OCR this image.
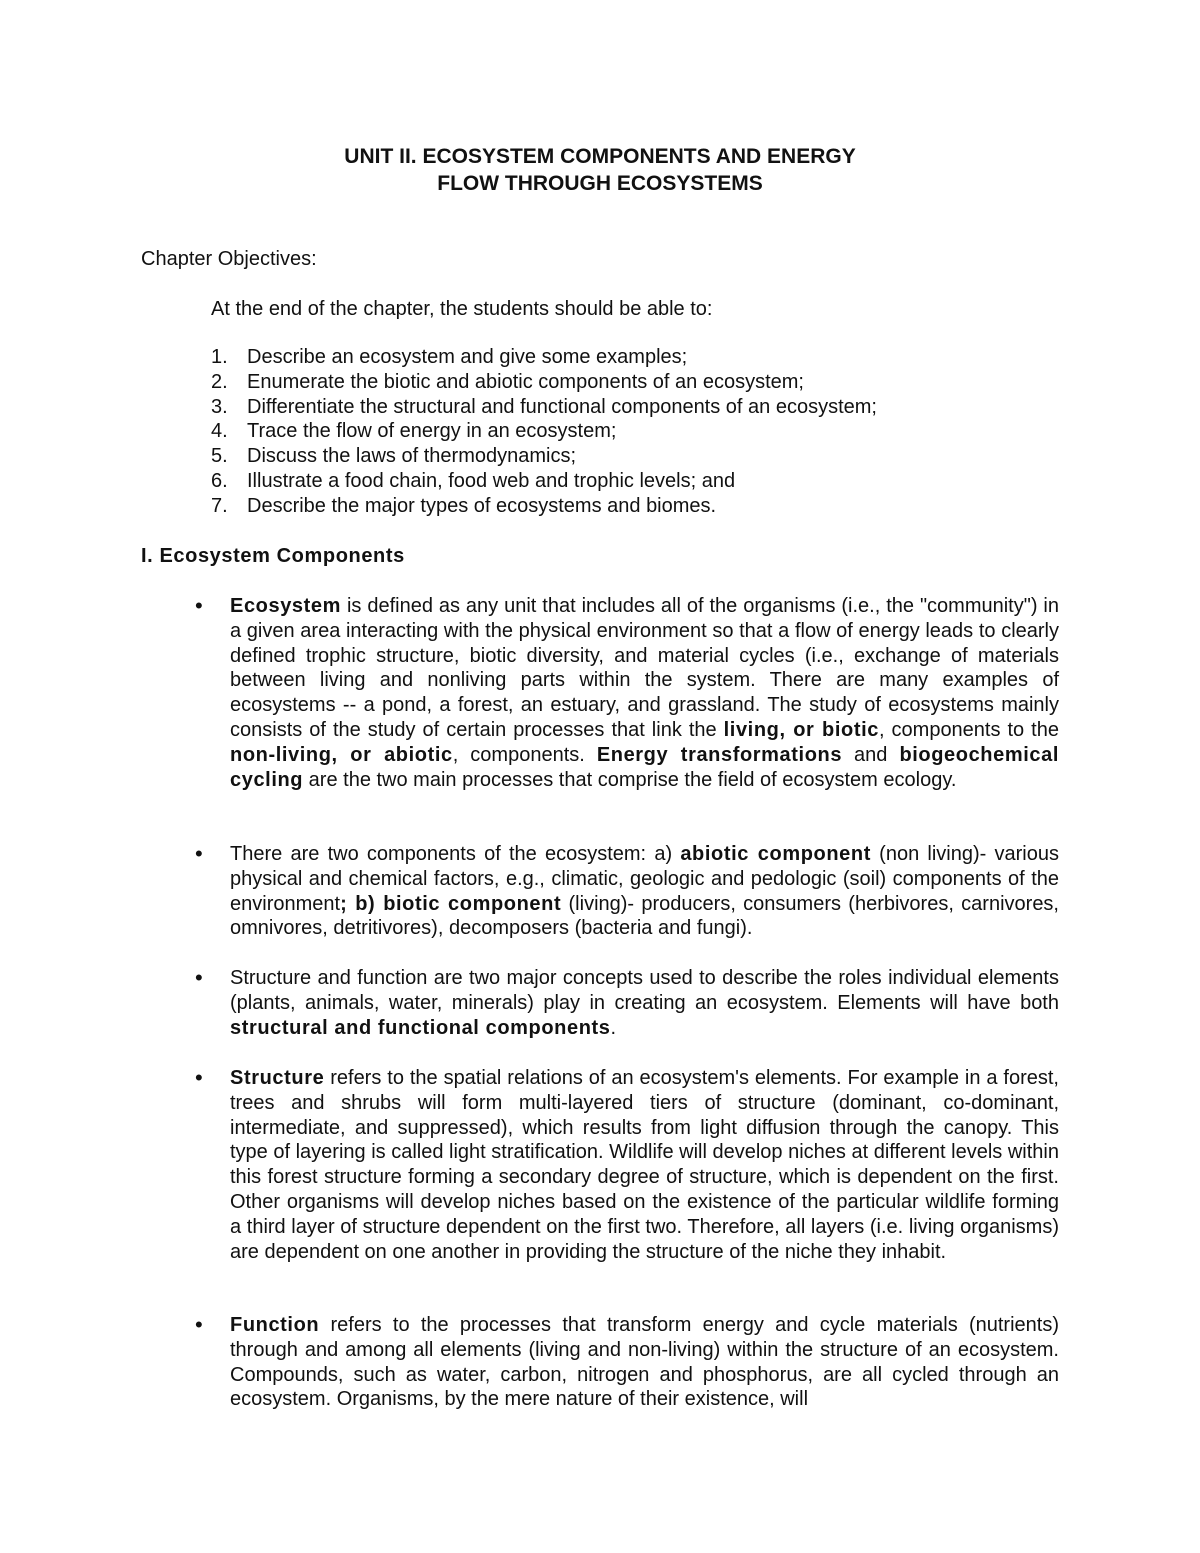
UNIT II. ECOSYSTEM COMPONENTS AND ENERGY
FLOW THROUGH ECOSYSTEMS
Chapter Objectives:
At the end of the chapter, the students should be able to:
1. Describe an ecosystem and give some examples;
2. Enumerate the biotic and abiotic components of an ecosystem;
3. Differentiate the structural and functional components of an ecosystem;
4. Trace the flow of energy in an ecosystem;
5. Discuss the laws of thermodynamics;
6. Illustrate a food chain, food web and trophic levels; and
7. Describe the major types of ecosystems and biomes.
I. Ecosystem Components
• Ecosystem is defined as any unit that includes all of the organisms (i.e., the "community") in a given area interacting with the physical environment so that a flow of energy leads to clearly defined trophic structure, biotic diversity, and material cycles (i.e., exchange of materials between living and nonliving parts within the system. There are many examples of ecosystems -- a pond, a forest, an estuary, and grassland. The study of ecosystems mainly consists of the study of certain processes that link the living, or biotic, components to the non-living, or abiotic, components. Energy transformations and biogeochemical cycling are the two main processes that comprise the field of ecosystem ecology.
• There are two components of the ecosystem: a) abiotic component (non living)- various physical and chemical factors, e.g., climatic, geologic and pedologic (soil) components of the environment; b) biotic component (living)- producers, consumers (herbivores, carnivores, omnivores, detritivores), decomposers (bacteria and fungi).
• Structure and function are two major concepts used to describe the roles individual elements (plants, animals, water, minerals) play in creating an ecosystem. Elements will have both structural and functional components.
• Structure refers to the spatial relations of an ecosystem's elements. For example in a forest, trees and shrubs will form multi-layered tiers of structure (dominant, co-dominant, intermediate, and suppressed), which results from light diffusion through the canopy. This type of layering is called light stratification. Wildlife will develop niches at different levels within this forest structure forming a secondary degree of structure, which is dependent on the first. Other organisms will develop niches based on the existence of the particular wildlife forming a third layer of structure dependent on the first two. Therefore, all layers (i.e. living organisms) are dependent on one another in providing the structure of the niche they inhabit.
• Function refers to the processes that transform energy and cycle materials (nutrients) through and among all elements (living and non-living) within the structure of an ecosystem. Compounds, such as water, carbon, nitrogen and phosphorus, are all cycled through an ecosystem. Organisms, by the mere nature of their existence, will
